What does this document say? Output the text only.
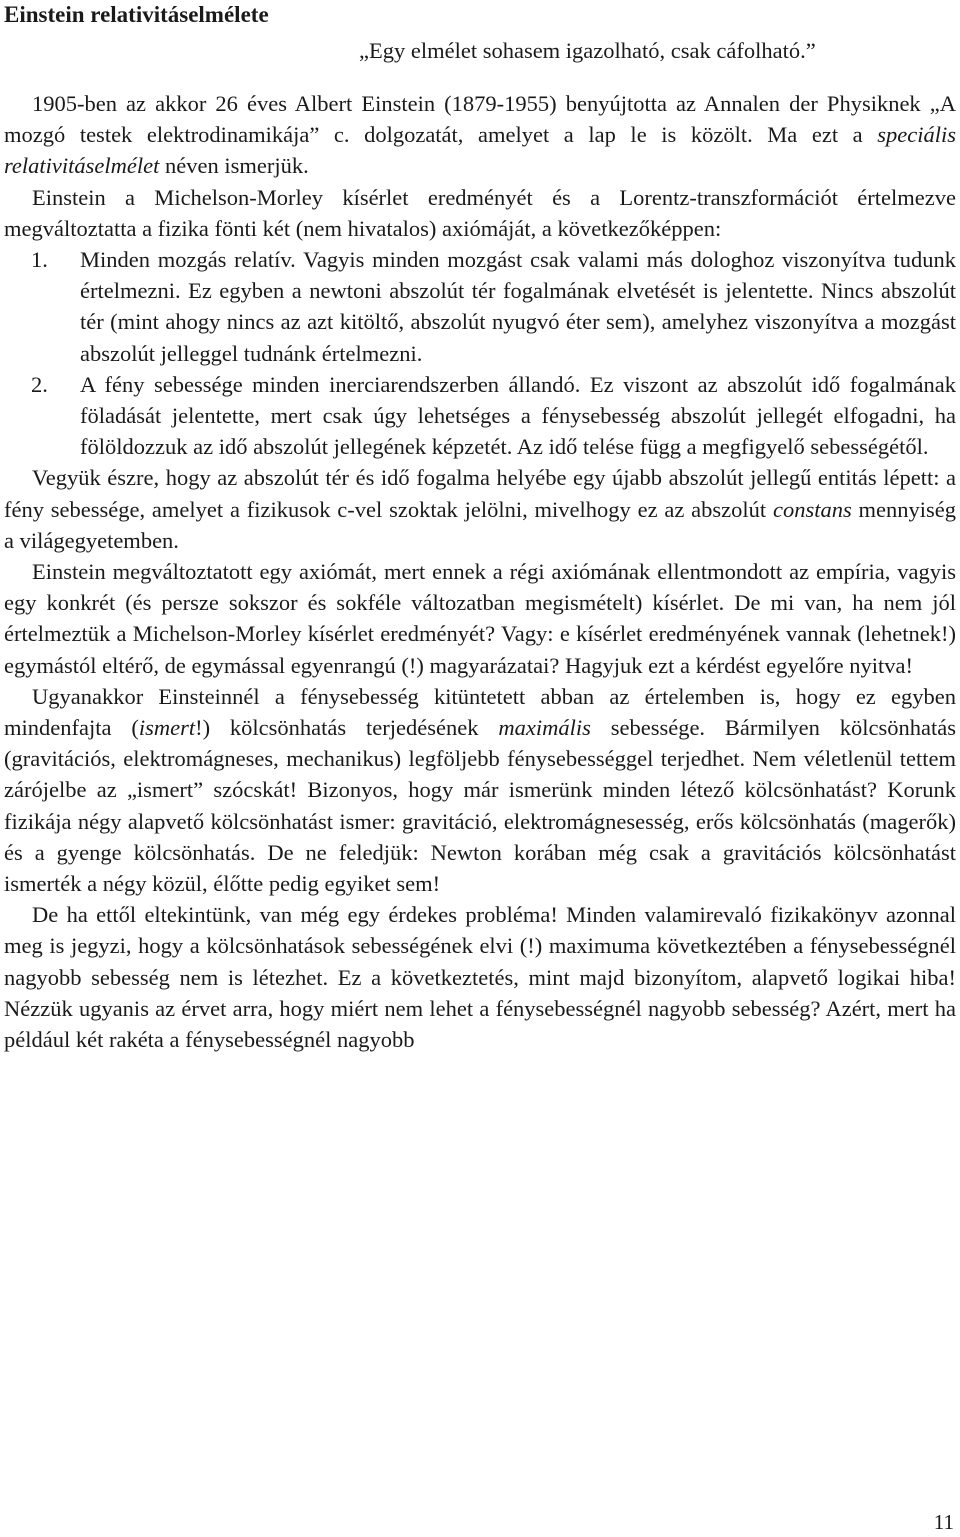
Einstein relativitáselmélete

„Egy elmélet sohasem igazolható, csak cáfolható.”

1905-ben az akkor 26 éves Albert Einstein (1879-1955) benyújtotta az Annalen der Physiknek „A mozgó testek elektrodinamikája” c. dolgozatát, amelyet a lap le is közölt. Ma ezt a speciális relativitáselmélet néven ismerjük.

Einstein a Michelson-Morley kísérlet eredményét és a Lorentz-transzformációt értelmezve megváltoztatta a fizika fönti két (nem hivatalos) axiómáját, a következőképpen:

1. Minden mozgás relatív. Vagyis minden mozgást csak valami más dologhoz viszonyítva tudunk értelmezni. Ez egyben a newtoni abszolút tér fogalmának elvetését is jelentette. Nincs abszolút tér (mint ahogy nincs az azt kitöltő, abszolút nyugvó éter sem), amelyhez viszonyítva a mozgást abszolút jelleggel tudnánk értelmezni.
2. A fény sebessége minden inerciarendszerben állandó. Ez viszont az abszolút idő fogalmának föladását jelentette, mert csak úgy lehetséges a fénysebesség abszolút jellegét elfogadni, ha fölöldozzuk az idő abszolút jellegének képzetét. Az idő telése függ a megfigyelő sebességétől.

Vegyük észre, hogy az abszolút tér és idő fogalma helyébe egy újabb abszolút jellegű entitás lépett: a fény sebessége, amelyet a fizikusok c-vel szoktak jelölni, mivelhogy ez az abszolút constans mennyiség a világegyetemben.

Einstein megváltoztatott egy axiómát, mert ennek a régi axiómának ellentmondott az empíria, vagyis egy konkrét (és persze sokszor és sokféle változatban megismételt) kísérlet. De mi van, ha nem jól értelmeztük a Michelson-Morley kísérlet eredményét? Vagy: e kísérlet eredményének vannak (lehetnek!) egymástól eltérő, de egymással egyenrangú (!) magyarázatai? Hagyjuk ezt a kérdést egyelőre nyitva!

Ugyanakkor Einsteinnél a fénysebesség kitüntetett abban az értelemben is, hogy ez egyben mindenfajta (ismert!) kölcsönhatás terjedésének maximális sebessége. Bármilyen kölcsönhatás (gravitációs, elektromágneses, mechanikus) legföljebb fénysebességgel terjedhet. Nem véletlenül tettem zárójelbe az „ismert” szócskát! Bizonyos, hogy már ismerünk minden létező kölcsönhatást? Korunk fizikája négy alapvető kölcsönhatást ismer: gravitáció, elektromágnesesség, erős kölcsönhatás (magerők) és a gyenge kölcsönhatás. De ne feledjük: Newton korában még csak a gravitációs kölcsönhatást ismerték a négy közül, élőtte pedig egyiket sem!

De ha ettől eltekintünk, van még egy érdekes probléma! Minden valamirevaló fizikakönyv azonnal meg is jegyzi, hogy a kölcsönhatások sebességének elvi (!) maximuma következtében a fénysebességnél nagyobb sebesség nem is létezhet. Ez a következtetés, mint majd bizonyítom, alapvető logikai hiba! Nézzük ugyanis az érvet arra, hogy miért nem lehet a fénysebességnél nagyobb sebesség? Azért, mert ha például két rakéta a fénysebességnél nagyobb

11
